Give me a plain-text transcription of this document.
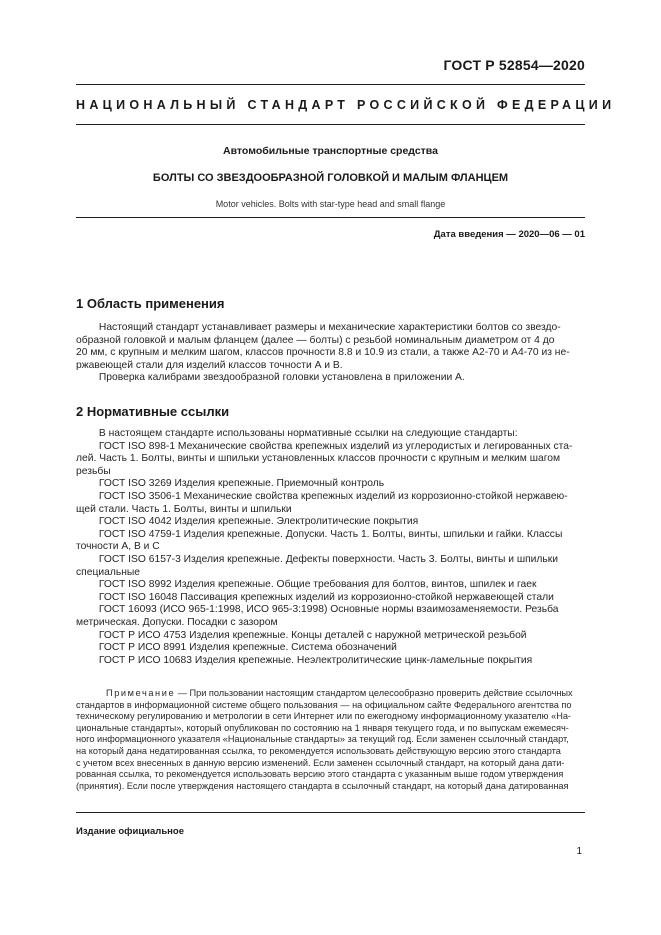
ГОСТ Р 52854—2020
НАЦИОНАЛЬНЫЙ СТАНДАРТ РОССИЙСКОЙ ФЕДЕРАЦИИ
Автомобильные транспортные средства
БОЛТЫ СО ЗВЕЗДООБРАЗНОЙ ГОЛОВКОЙ И МАЛЫМ ФЛАНЦЕМ
Motor vehicles. Bolts with star-type head and small flange
Дата введения — 2020—06 — 01
1 Область применения
Настоящий стандарт устанавливает размеры и механические характеристики болтов со звездо-
образной головкой и малым фланцем (далее — болты) с резьбой номинальным диаметром от 4 до
20 мм, с крупным и мелким шагом, классов прочности 8.8 и 10.9 из стали, а также А2-70 и А4-70 из не-
ржавеющей стали для изделий классов точности А и В.
Проверка калибрами звездообразной головки установлена в приложении А.
2 Нормативные ссылки
В настоящем стандарте использованы нормативные ссылки на следующие стандарты:
ГОСТ ISO 898-1 Механические свойства крепежных изделий из углеродистых и легированных ста-
лей. Часть 1. Болты, винты и шпильки установленных классов прочности с крупным и мелким шагом
резьбы
ГОСТ ISO 3269 Изделия крепежные. Приемочный контроль
ГОСТ ISO 3506-1 Механические свойства крепежных изделий из коррозионно-стойкой нержавею-
щей стали. Часть 1. Болты, винты и шпильки
ГОСТ ISO 4042 Изделия крепежные. Электролитические покрытия
ГОСТ ISO 4759-1 Изделия крепежные. Допуски. Часть 1. Болты, винты, шпильки и гайки. Классы
точности А, В и С
ГОСТ ISO 6157-3 Изделия крепежные. Дефекты поверхности. Часть 3. Болты, винты и шпильки
специальные
ГОСТ ISO 8992 Изделия крепежные. Общие требования для болтов, винтов, шпилек и гаек
ГОСТ ISO 16048 Пассивация крепежных изделий из коррозионно-стойкой нержавеющей стали
ГОСТ 16093 (ИСО 965-1:1998, ИСО 965-3:1998) Основные нормы взаимозаменяемости. Резьба
метрическая. Допуски. Посадки с зазором
ГОСТ Р ИСО 4753 Изделия крепежные. Концы деталей с наружной метрической резьбой
ГОСТ Р ИСО 8991 Изделия крепежные. Система обозначений
ГОСТ Р ИСО 10683 Изделия крепежные. Неэлектролитические цинк-ламельные покрытия
Примечание — При пользовании настоящим стандартом целесообразно проверить действие ссылочных
стандартов в информационной системе общего пользования — на официальном сайте Федерального агентства по
техническому регулированию и метрологии в сети Интернет или по ежегодному информационному указателю «На-
циональные стандарты», который опубликован по состоянию на 1 января текущего года, и по выпускам ежемесяч-
ного информационного указателя «Национальные стандарты» за текущий год. Если заменен ссылочный стандарт,
на который дана недатированная ссылка, то рекомендуется использовать действующую версию этого стандарта
с учетом всех внесенных в данную версию изменений. Если заменен ссылочный стандарт, на который дана дати-
рованная ссылка, то рекомендуется использовать версию этого стандарта с указанным выше годом утверждения
(принятия). Если после утверждения настоящего стандарта в ссылочный стандарт, на который дана датированная
Издание официальное
1
